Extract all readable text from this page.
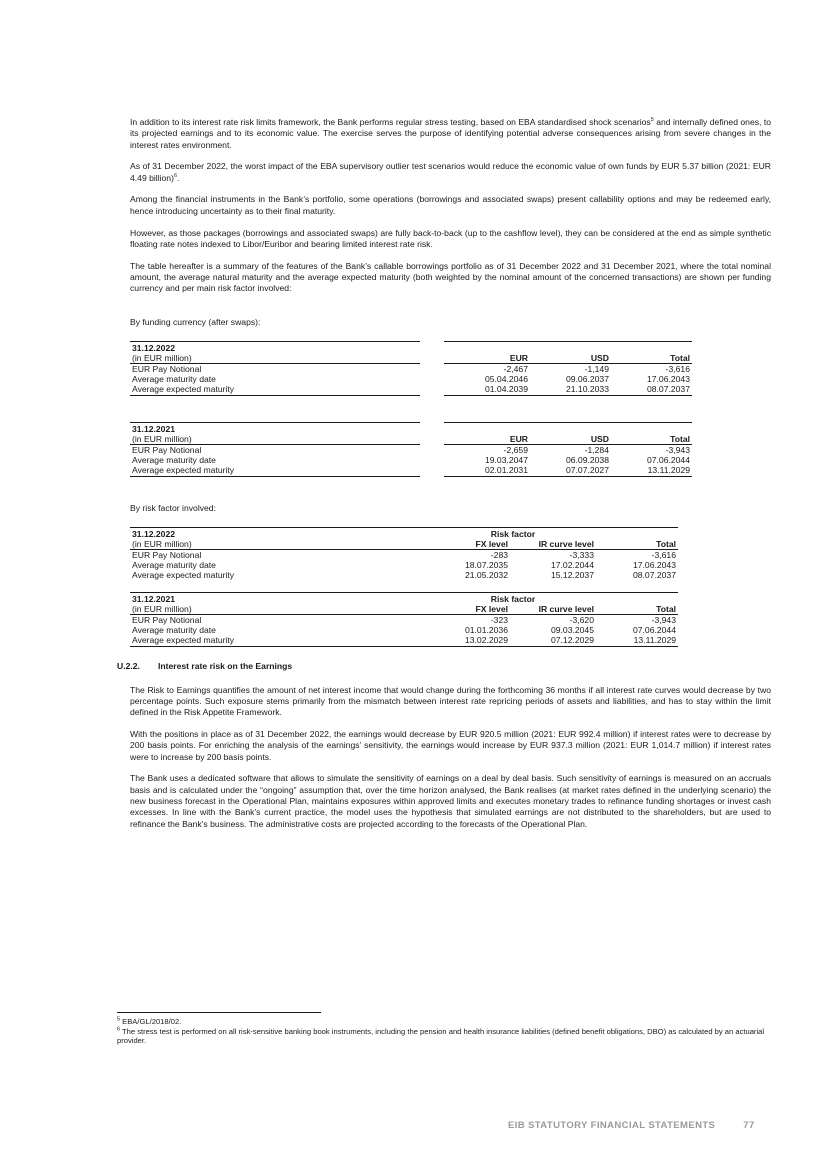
In addition to its interest rate risk limits framework, the Bank performs regular stress testing, based on EBA standardised shock scenarios$^5$ and internally defined ones, to its projected earnings and to its economic value. The exercise serves the purpose of identifying potential adverse consequences arising from severe changes in the interest rates environment.

As of 31 December 2022, the worst impact of the EBA supervisory outlier test scenarios would reduce the economic value of own funds by EUR 5.37 billion (2021: EUR 4.49 billion)$^6$.

Among the financial instruments in the Bank’s portfolio, some operations (borrowings and associated swaps) present callability options and may be redeemed early, hence introducing uncertainty as to their final maturity.

However, as those packages (borrowings and associated swaps) are fully back-to-back (up to the cashflow level), they can be considered at the end as simple synthetic floating rate notes indexed to Libor/Euribor and bearing limited interest rate risk.

The table hereafter is a summary of the features of the Bank’s callable borrowings portfolio as of 31 December 2022 and 31 December 2021, where the total nominal amount, the average natural maturity and the average expected maturity (both weighted by the nominal amount of the concerned transactions) are shown per funding currency and per main risk factor involved:

By funding currency (after swaps):

31.12.2022				
(in EUR million)		EUR	USD	Total
EUR Pay Notional		-2,467	-1,149	-3,616
Average maturity date		05.04.2046	09.06.2037	17.06.2043
Average expected maturity		01.04.2039	21.10.2033	08.07.2037
31.12.2021				
(in EUR million)		EUR	USD	Total
EUR Pay Notional		-2,659	-1,284	-3,943
Average maturity date		19.03.2047	06.09.2038	07.06.2044
Average expected maturity		02.01.2031	07.07.2027	13.11.2029

By risk factor involved:

31.12.2022	Risk factor		
(in EUR million)	FX level	IR curve level	Total
EUR Pay Notional	-283	-3,333	-3,616
Average maturity date	18.07.2035	17.02.2044	17.06.2043
Average expected maturity	21.05.2032	15.12.2037	08.07.2037
31.12.2021	Risk factor		
(in EUR million)	FX level	IR curve level	Total
EUR Pay Notional	-323	-3,620	-3,943
Average maturity date	01.01.2036	09.03.2045	07.06.2044
Average expected maturity	13.02.2029	07.12.2029	13.11.2029
U.2.2. Interest rate risk on the Earnings

The Risk to Earnings quantifies the amount of net interest income that would change during the forthcoming 36 months if all interest rate curves would decrease by two percentage points. Such exposure stems primarily from the mismatch between interest rate repricing periods of assets and liabilities, and has to stay within the limit defined in the Risk Appetite Framework.

With the positions in place as of 31 December 2022, the earnings would decrease by EUR 920.5 million (2021: EUR 992.4 million) if interest rates were to decrease by 200 basis points. For enriching the analysis of the earnings’ sensitivity, the earnings would increase by EUR 937.3 million (2021: EUR 1,014.7 million) if interest rates were to increase by 200 basis points.

The Bank uses a dedicated software that allows to simulate the sensitivity of earnings on a deal by deal basis. Such sensitivity of earnings is measured on an accruals basis and is calculated under the “ongoing” assumption that, over the time horizon analysed, the Bank realises (at market rates defined in the underlying scenario) the new business forecast in the Operational Plan, maintains exposures within approved limits and executes monetary trades to refinance funding shortages or invest cash excesses. In line with the Bank’s current practice, the model uses the hypothesis that simulated earnings are not distributed to the shareholders, but are used to refinance the Bank’s business. The administrative costs are projected according to the forecasts of the Operational Plan.

$^5$ EBA/GL/2018/02.

$^6$ The stress test is performed on all risk-sensitive banking book instruments, including the pension and health insurance liabilities (defined benefit obligations, DBO) as calculated by an actuarial provider.

EIB STATUTORY FINANCIAL STATEMENTS	77
